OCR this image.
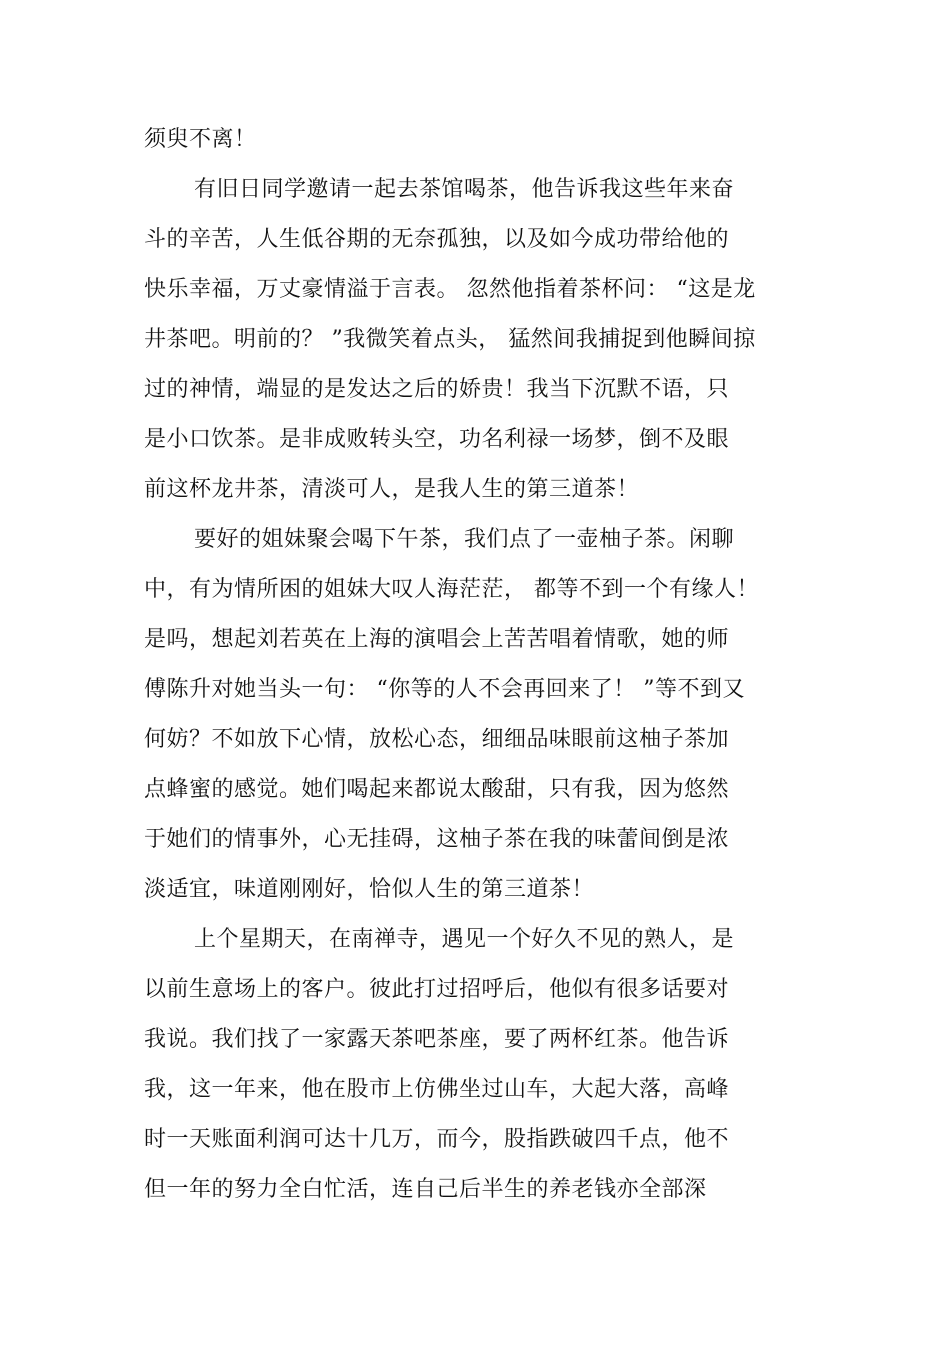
须臾不离！
有旧日同学邀请一起去茶馆喝茶，他告诉我这些年来奋
斗的辛苦，人生低谷期的无奈孤独，以及如今成功带给他的
快乐幸福，万丈豪情溢于言表。 忽然他指着茶杯问： “这是龙
井茶吧。明前的？ ”我微笑着点头， 猛然间我捕捉到他瞬间掠
过的神情，端显的是发达之后的娇贵！我当下沉默不语，只
是小口饮茶。是非成败转头空，功名利禄一场梦，倒不及眼
前这杯龙井茶，清淡可人，是我人生的第三道茶！
要好的姐妹聚会喝下午茶，我们点了一壶柚子茶。闲聊
中，有为情所困的姐妹大叹人海茫茫， 都等不到一个有缘人！
是吗，想起刘若英在上海的演唱会上苦苦唱着情歌，她的师
傅陈升对她当头一句： “你等的人不会再回来了！ ”等不到又
何妨？不如放下心情，放松心态，细细品味眼前这柚子茶加
点蜂蜜的感觉。她们喝起来都说太酸甜，只有我，因为悠然
于她们的情事外，心无挂碍，这柚子茶在我的味蕾间倒是浓
淡适宜，味道刚刚好，恰似人生的第三道茶！
上个星期天，在南禅寺，遇见一个好久不见的熟人，是
以前生意场上的客户。彼此打过招呼后，他似有很多话要对
我说。我们找了一家露天茶吧茶座，要了两杯红茶。他告诉
我，这一年来，他在股市上仿佛坐过山车，大起大落，高峰
时一天账面利润可达十几万，而今，股指跌破四千点，他不
但一年的努力全白忙活，连自己后半生的养老钱亦全部深
